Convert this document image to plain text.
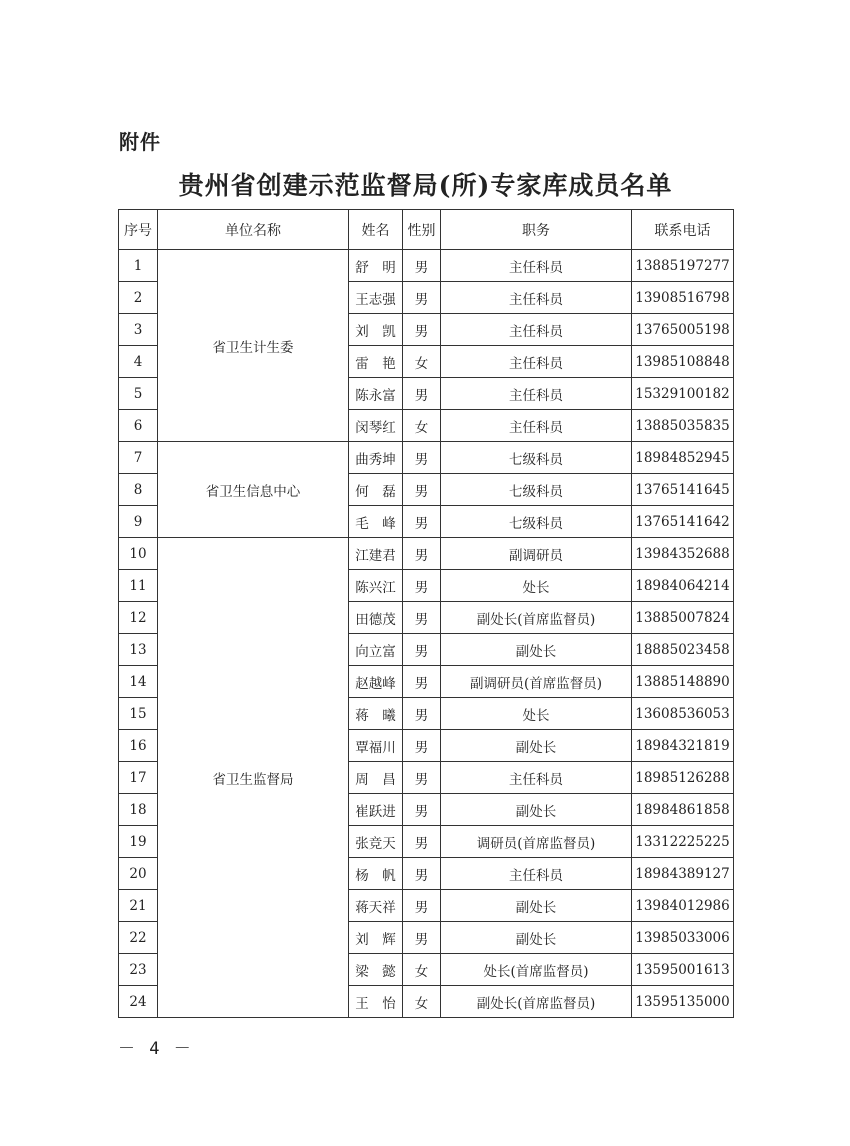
附件
贵州省创建示范监督局(所)专家库成员名单
序号	单位名称	姓名	性别	职务	联系电话
1	省卫生计生委	舒　明	男	主任科员	13885197277
2		王志强	男	主任科员	13908516798
3		刘　凯	男	主任科员	13765005198
4		雷　艳	女	主任科员	13985108848
5		陈永富	男	主任科员	15329100182
6		闵琴红	女	主任科员	13885035835
7	省卫生信息中心	曲秀坤	男	七级科员	18984852945
8		何　磊	男	七级科员	13765141645
9		毛　峰	男	七级科员	13765141642
10	省卫生监督局	江建君	男	副调研员	13984352688
11		陈兴江	男	处长	18984064214
12		田德茂	男	副处长(首席监督员)	13885007824
13		向立富	男	副处长	18885023458
14		赵越峰	男	副调研员(首席监督员)	13885148890
15		蒋　曦	男	处长	13608536053
16		覃福川	男	副处长	18984321819
17		周　昌	男	主任科员	18985126288
18		崔跃进	男	副处长	18984861858
19		张竞天	男	调研员(首席监督员)	13312225225
20		杨　帆	男	主任科员	18984389127
21		蒋天祥	男	副处长	13984012986
22		刘　辉	男	副处长	13985033006
23		梁　懿	女	处长(首席监督员)	13595001613
24		王　怡	女	副处长(首席监督员)	13595135000
－ 4 －
